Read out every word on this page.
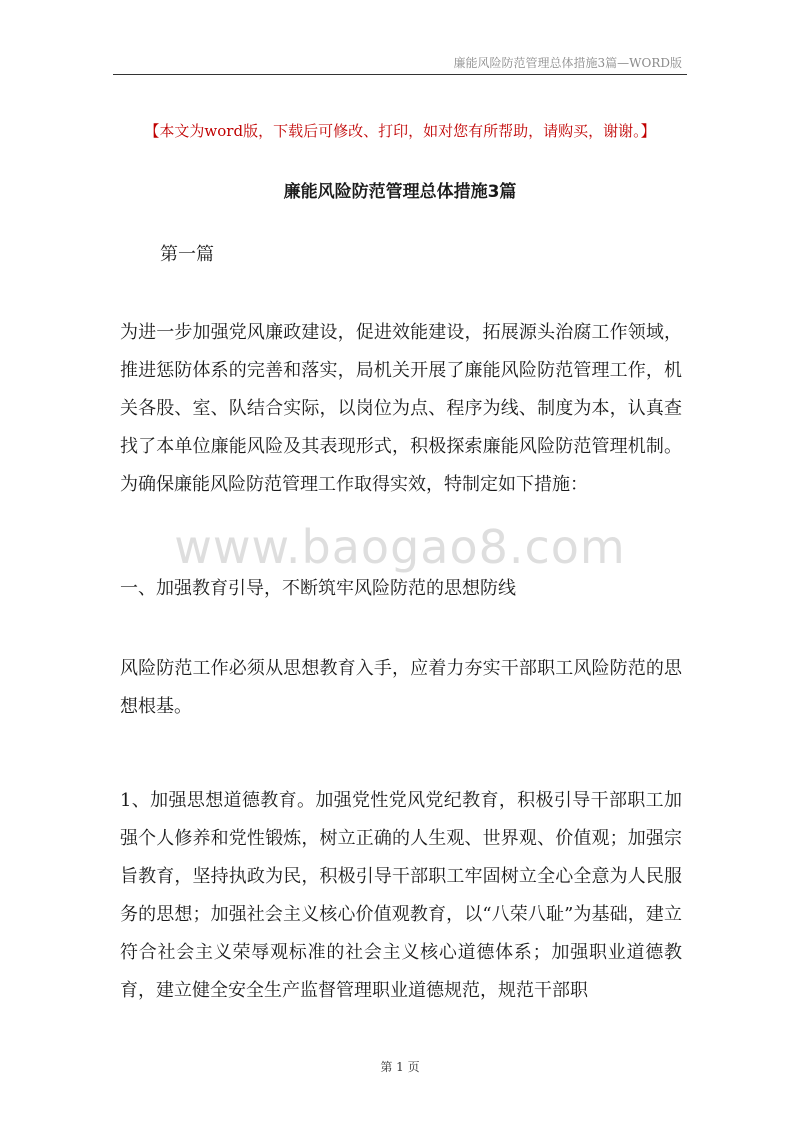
廉能风险防范管理总体措施3篇—WORD版
【本文为word版，下载后可修改、打印，如对您有所帮助，请购买，谢谢。】
廉能风险防范管理总体措施3篇
第一篇

为进一步加强党风廉政建设，促进效能建设，拓展源头治腐工作领域，推进惩防体系的完善和落实，局机关开展了廉能风险防范管理工作，机关各股、室、队结合实际，以岗位为点、程序为线、制度为本，认真查找了本单位廉能风险及其表现形式，积极探索廉能风险防范管理机制。为确保廉能风险防范管理工作取得实效，特制定如下措施：

一、加强教育引导，不断筑牢风险防范的思想防线

风险防范工作必须从思想教育入手，应着力夯实干部职工风险防范的思想根基。

1、加强思想道德教育。加强党性党风党纪教育，积极引导干部职工加强个人修养和党性锻炼，树立正确的人生观、世界观、价值观；加强宗旨教育，坚持执政为民，积极引导干部职工牢固树立全心全意为人民服务的思想；加强社会主义核心价值观教育，以“八荣八耻”为基础，建立符合社会主义荣辱观标准的社会主义核心道德体系；加强职业道德教育，建立健全安全生产监督管理职业道德规范，规范干部职

www.baogao8.com
第 1 页
